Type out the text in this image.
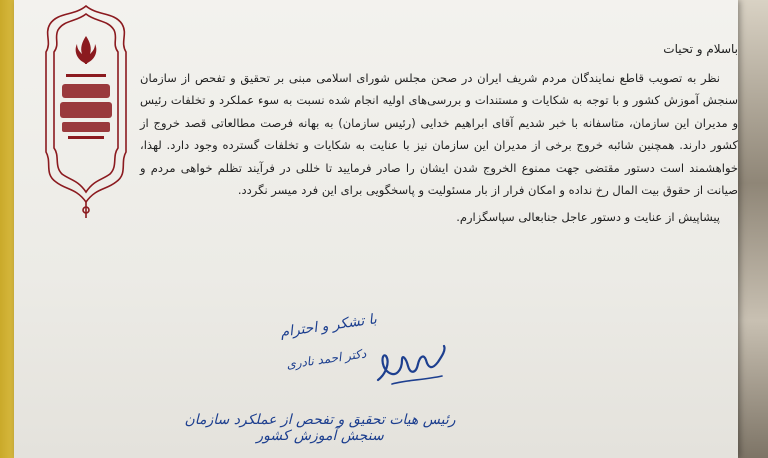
باسلام و تحیات

نظر به تصویب قاطع نمایندگان مردم شریف ایران در صحن مجلس شورای اسلامی مبنی بر تحقیق و تفحص از سازمان سنجش آموزش کشور و با توجه به شکایات و مستندات و بررسی‌های اولیه انجام شده نسبت به سوء عملکرد و تخلفات رئیس و مدیران این سازمان، متاسفانه با خبر شدیم آقای ابراهیم خدایی (رئیس سازمان) به بهانه فرصت مطالعاتی قصد خروج از کشور دارند. همچنین شائبه خروج برخی از مدیران این سازمان نیز با عنایت به شکایات و تخلفات گسترده وجود دارد. لهذا، خواهشمند است دستور مقتضی جهت ممنوع الخروج شدن ایشان را صادر فرمایید تا خللی در فرآیند تظلم خواهی مردم و صیانت از حقوق بیت المال رخ نداده و امکان فرار از بار مسئولیت و پاسخگویی برای این فرد میسر نگردد.

پیشاپیش از عنایت و دستور عاجل جنابعالی سپاسگزارم.

با تشکر و احترام
دکتر احمد نادری
رئیس هیات تحقیق و تفحص از عملکرد سازمان سنجش آموزش کشور
